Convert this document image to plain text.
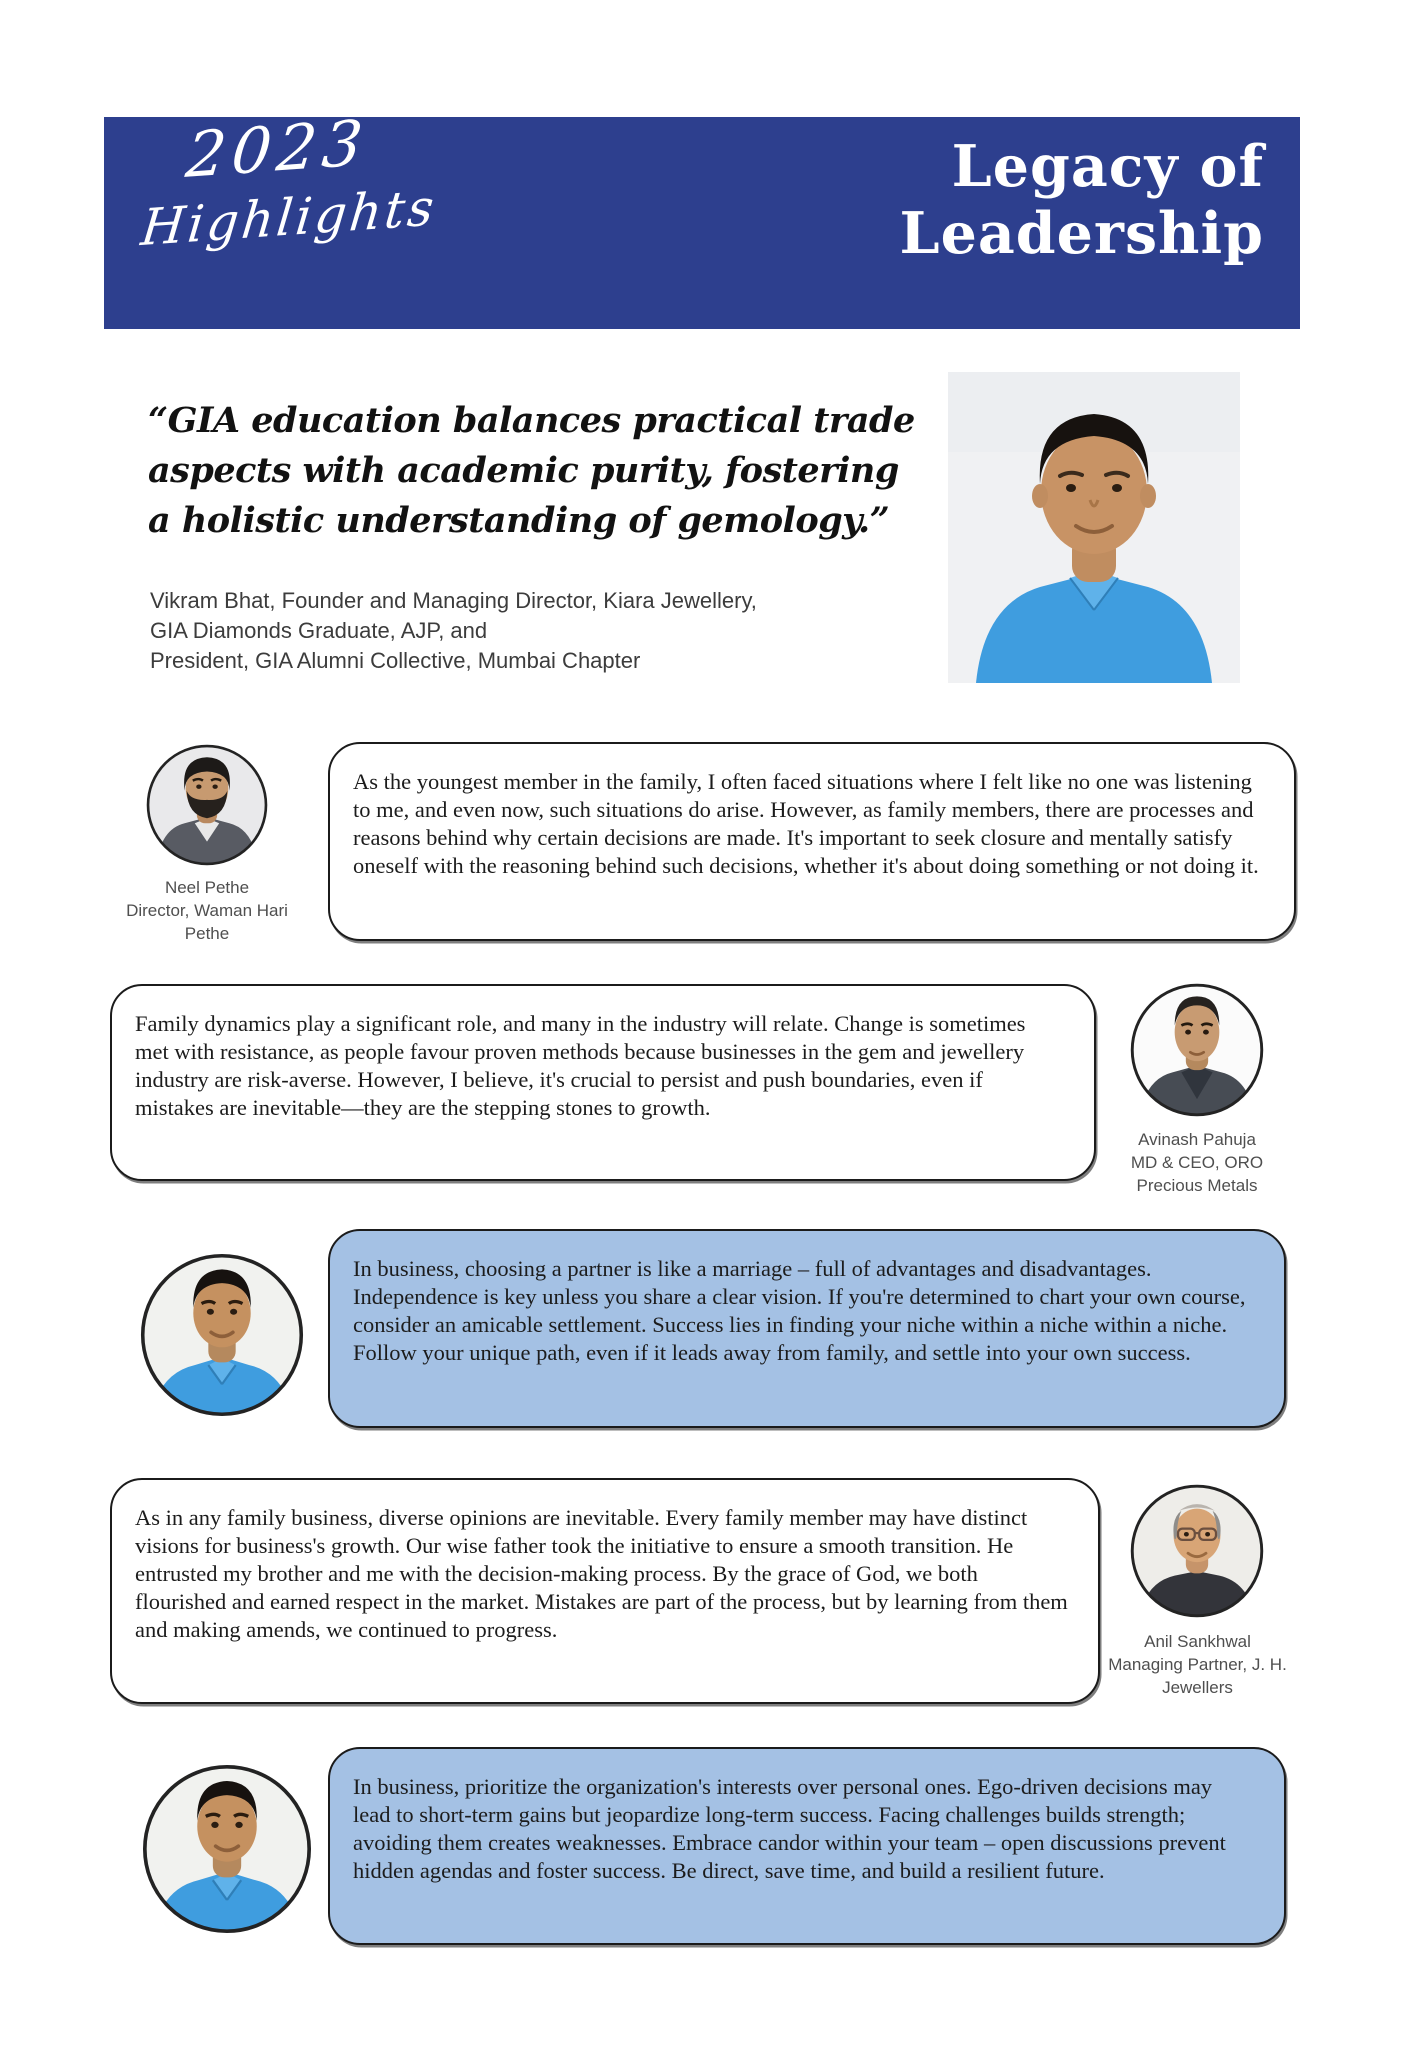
2023
Highlights
Legacy of
Leadership
“GIA education balances practical trade aspects with academic purity, fostering a holistic understanding of gemology.”
Vikram Bhat, Founder and Managing Director, Kiara Jewellery,
GIA Diamonds Graduate, AJP, and
President, GIA Alumni Collective, Mumbai Chapter
Neel Pethe
Director, Waman Hari Pethe
As the youngest member in the family, I often faced situations where I felt like no one was listening to me, and even now, such situations do arise. However, as family members, there are processes and reasons behind why certain decisions are made. It's important to seek closure and mentally satisfy oneself with the reasoning behind such decisions, whether it's about doing something or not doing it.
Family dynamics play a significant role, and many in the industry will relate. Change is sometimes met with resistance, as people favour proven methods because businesses in the gem and jewellery industry are risk-averse. However, I believe, it's crucial to persist and push boundaries, even if mistakes are inevitable—they are the stepping stones to growth.
Avinash Pahuja
MD & CEO, ORO Precious Metals
In business, choosing a partner is like a marriage – full of advantages and disadvantages. Independence is key unless you share a clear vision. If you're determined to chart your own course, consider an amicable settlement. Success lies in finding your niche within a niche within a niche. Follow your unique path, even if it leads away from family, and settle into your own success.
As in any family business, diverse opinions are inevitable. Every family member may have distinct visions for business's growth. Our wise father took the initiative to ensure a smooth transition. He entrusted my brother and me with the decision-making process. By the grace of God, we both flourished and earned respect in the market. Mistakes are part of the process, but by learning from them and making amends, we continued to progress.	Anil Sankhwal
Managing Partner, J. H. Jewellers
In business, prioritize the organization's interests over personal ones. Ego-driven decisions may lead to short-term gains but jeopardize long-term success. Facing challenges builds strength; avoiding them creates weaknesses. Embrace candor within your team – open discussions prevent hidden agendas and foster success. Be direct, save time, and build a resilient future.
